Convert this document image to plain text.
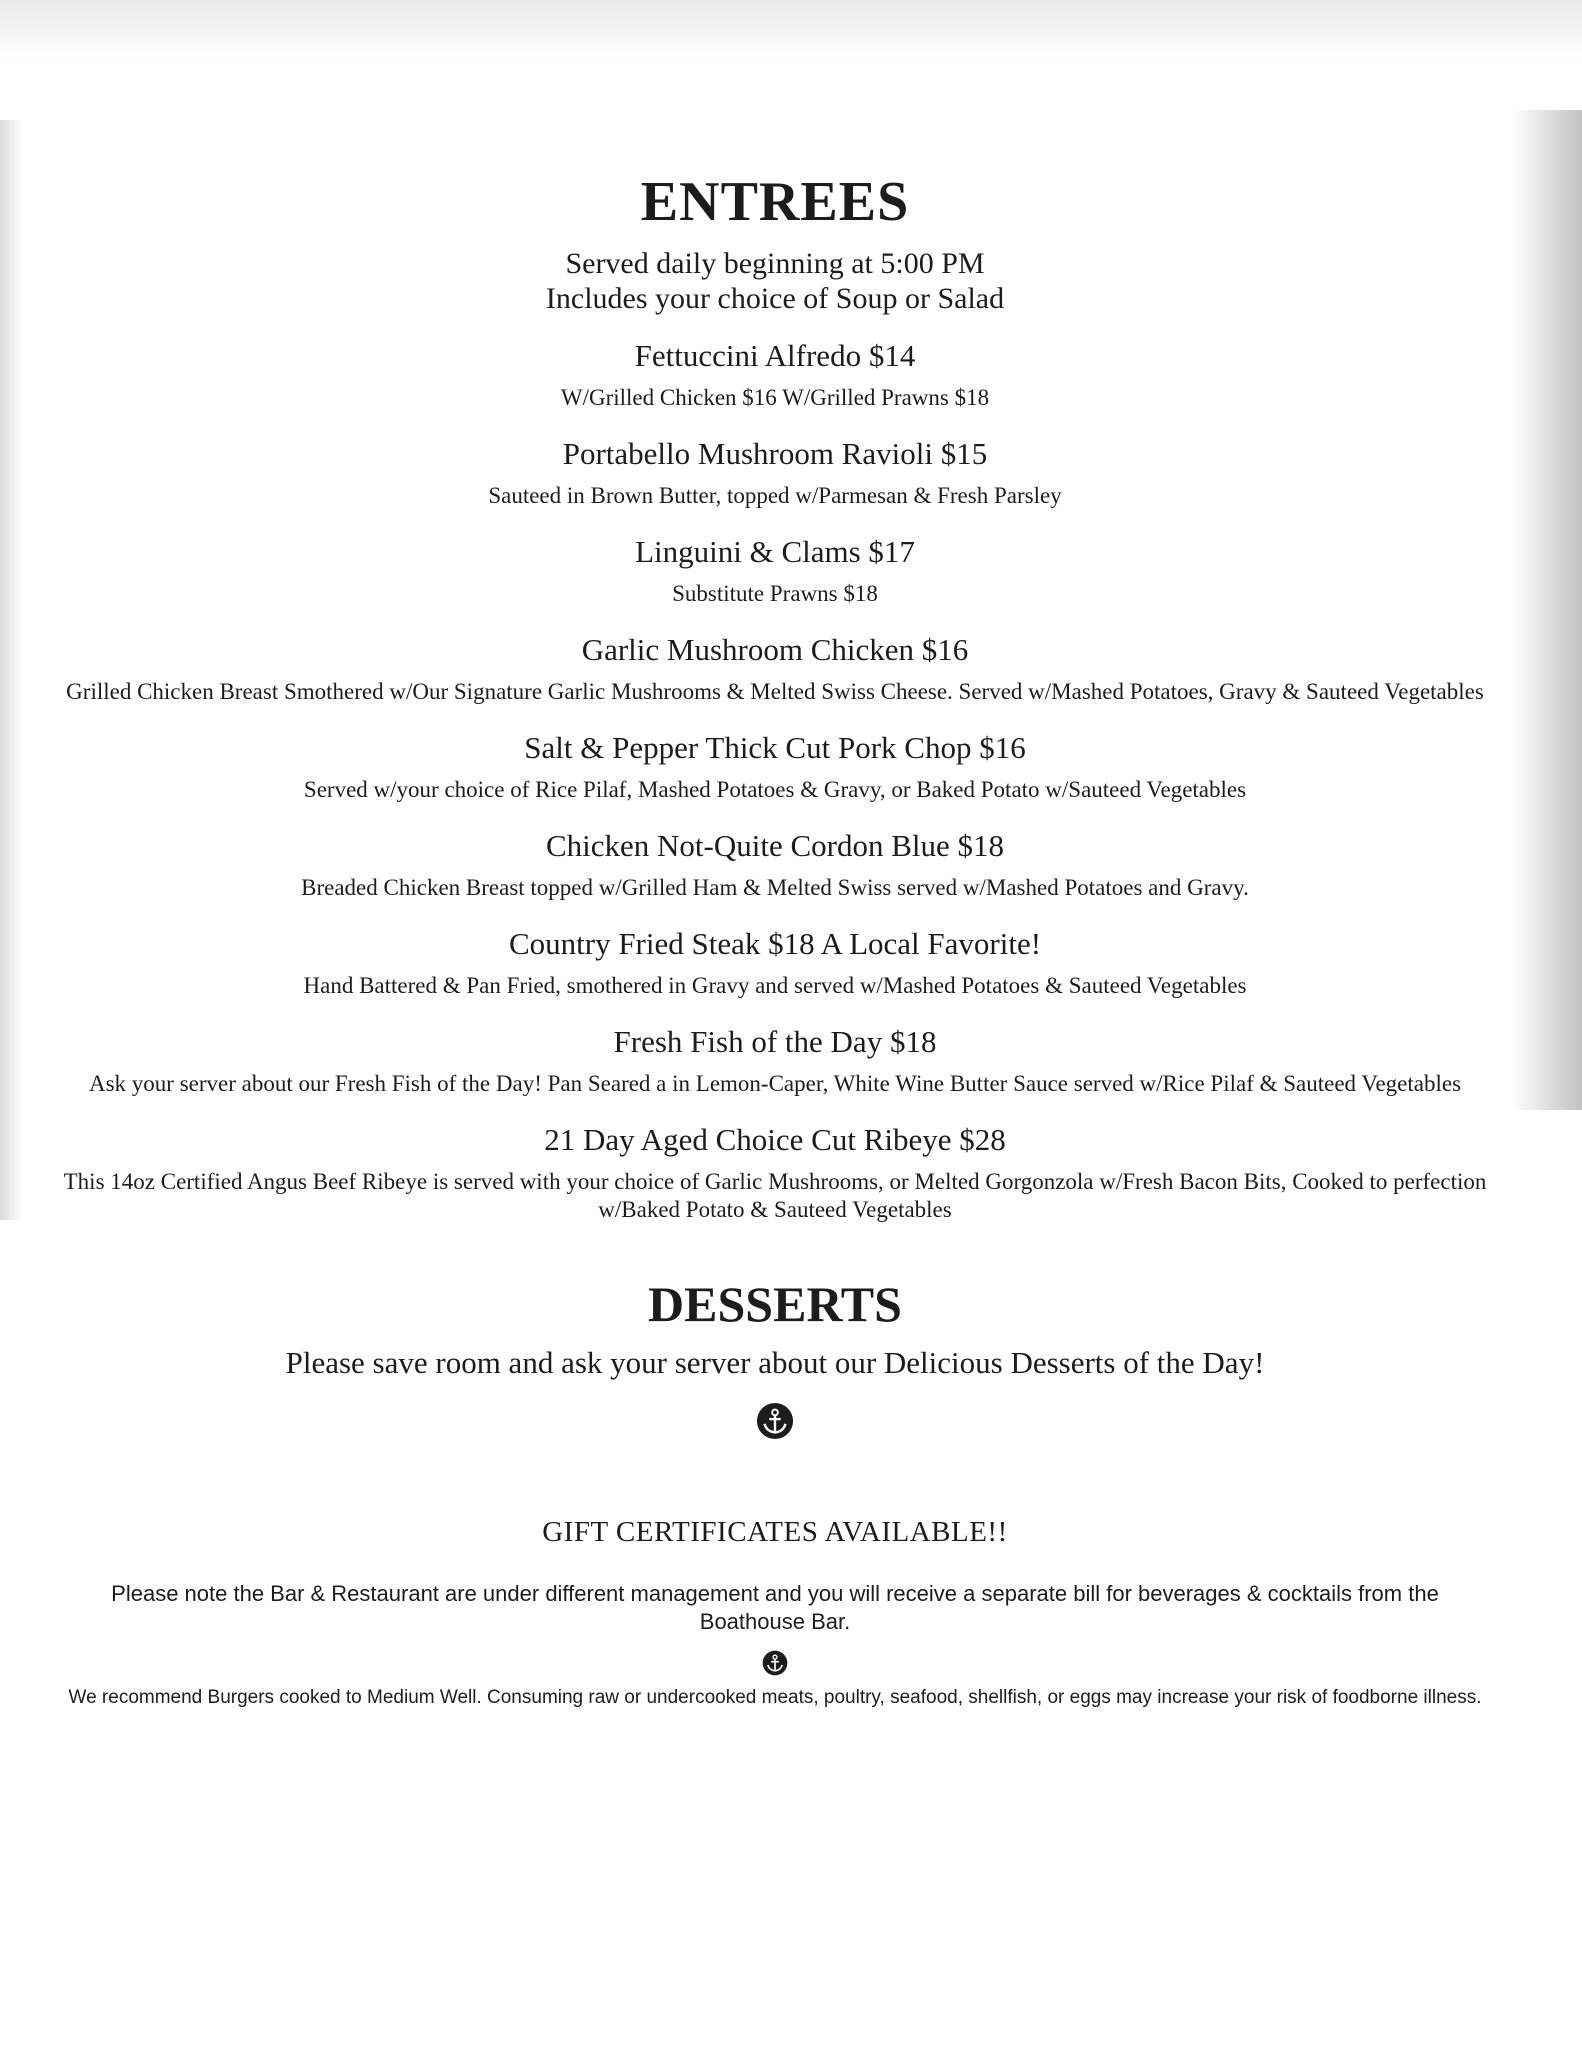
ENTREES
Served daily beginning at 5:00 PM
Includes your choice of Soup or Salad

Fettuccini Alfredo $14

W/Grilled Chicken $16 W/Grilled Prawns $18

Portabello Mushroom Ravioli $15

Sauteed in Brown Butter, topped w/Parmesan & Fresh Parsley

Linguini & Clams $17

Substitute Prawns $18

Garlic Mushroom Chicken $16

Grilled Chicken Breast Smothered w/Our Signature Garlic Mushrooms & Melted Swiss Cheese. Served w/Mashed Potatoes, Gravy & Sauteed Vegetables

Salt & Pepper Thick Cut Pork Chop $16

Served w/your choice of Rice Pilaf, Mashed Potatoes & Gravy, or Baked Potato w/Sauteed Vegetables

Chicken Not-Quite Cordon Blue $18

Breaded Chicken Breast topped w/Grilled Ham & Melted Swiss served w/Mashed Potatoes and Gravy.

Country Fried Steak $18 A Local Favorite!

Hand Battered & Pan Fried, smothered in Gravy and served w/Mashed Potatoes & Sauteed Vegetables

Fresh Fish of the Day $18

Ask your server about our Fresh Fish of the Day! Pan Seared a in Lemon-Caper, White Wine Butter Sauce served w/Rice Pilaf & Sauteed Vegetables

21 Day Aged Choice Cut Ribeye $28

This 14oz Certified Angus Beef Ribeye is served with your choice of Garlic Mushrooms, or Melted Gorgonzola w/Fresh Bacon Bits, Cooked to perfection w/Baked Potato & Sauteed Vegetables

DESSERTS

Please save room and ask your server about our Delicious Desserts of the Day!

GIFT CERTIFICATES AVAILABLE!!

Please note the Bar & Restaurant are under different management and you will receive a separate bill for beverages & cocktails from the Boathouse Bar.

We recommend Burgers cooked to Medium Well. Consuming raw or undercooked meats, poultry, seafood, shellfish, or eggs may increase your risk of foodborne illness.
